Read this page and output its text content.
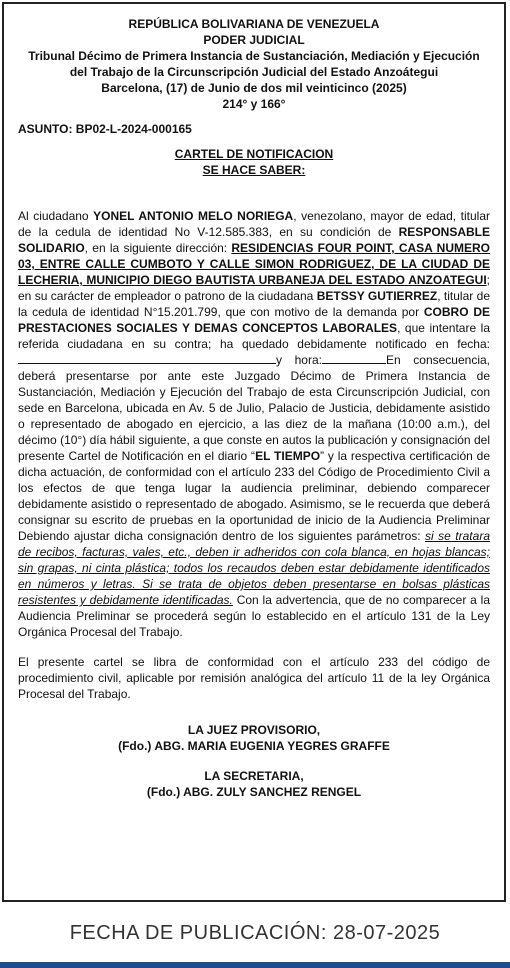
REPÚBLICA BOLIVARIANA DE VENEZUELA
PODER JUDICIAL
Tribunal Décimo de Primera Instancia de Sustanciación, Mediación y Ejecución
del Trabajo de la Circunscripción Judicial del Estado Anzoátegui
Barcelona, (17) de Junio de dos mil veinticinco (2025)
214° y 166°
ASUNTO: BP02-L-2024-000165
CARTEL DE NOTIFICACION
SE HACE SABER:

Al ciudadano YONEL ANTONIO MELO NORIEGA, venezolano, mayor de edad, titular de la cedula de identidad No V-12.585.383, en su condición de RESPONSABLE SOLIDARIO, en la siguiente dirección: RESIDENCIAS FOUR POINT, CASA NUMERO 03, ENTRE CALLE CUMBOTO Y CALLE SIMON RODRIGUEZ, DE LA CIUDAD DE LECHERIA, MUNICIPIO DIEGO BAUTISTA URBANEJA DEL ESTADO ANZOATEGUI; en su carácter de empleador o patrono de la ciudadana BETSSY GUTIERREZ, titular de la cedula de identidad N°15.201.799, que con motivo de la demanda por COBRO DE PRESTACIONES SOCIALES Y DEMAS CONCEPTOS LABORALES, que intentare la referida ciudadana en su contra; ha quedado debidamente notificado en fecha:y hora:	En consecuencia, deberá presentarse por ante este Juzgado Décimo de Primera Instancia de Sustanciación, Mediación y Ejecución del Trabajo de esta Circunscripción Judicial, con sede en Barcelona, ubicada en Av. 5 de Julio, Palacio de Justicia, debidamente asistido o representado de abogado en ejercicio, a las diez de la mañana (10:00 a.m.), del décimo (10°) día hábil siguiente, a que conste en autos la publicación y consignación del presente Cartel de Notificación en el diario “EL TIEMPO” y la respectiva certificación de dicha actuación, de conformidad con el artículo 233 del Código de Procedimiento Civil a los efectos de que tenga lugar la audiencia preliminar, debiendo comparecer debidamente asistido o representado de abogado. Asimismo, se le recuerda que deberá consignar su escrito de pruebas en la oportunidad de inicio de la Audiencia Preliminar Debiendo ajustar dicha consignación dentro de los siguientes parámetros: si se tratara de recibos, facturas, vales, etc., deben ir adheridos con cola blanca, en hojas blancas; sin grapas, ni cinta plástica; todos los recaudos deben estar debidamente identificados en números y letras. Si se trata de objetos deben presentarse en bolsas plásticas resistentes y debidamente identificadas. Con la advertencia, que de no comparecer a la Audiencia Preliminar se procederá según lo establecido en el artículo 131 de la Ley Orgánica Procesal del Trabajo.

El presente cartel se libra de conformidad con el artículo 233 del código de procedimiento civil, aplicable por remisión analógica del artículo 11 de la ley Orgánica Procesal del Trabajo.

LA JUEZ PROVISORIO,
(Fdo.) ABG. MARIA EUGENIA YEGRES GRAFFE
LA SECRETARIA,
(Fdo.) ABG. ZULY SANCHEZ RENGEL
FECHA DE PUBLICACIÓN: 28-07-2025
